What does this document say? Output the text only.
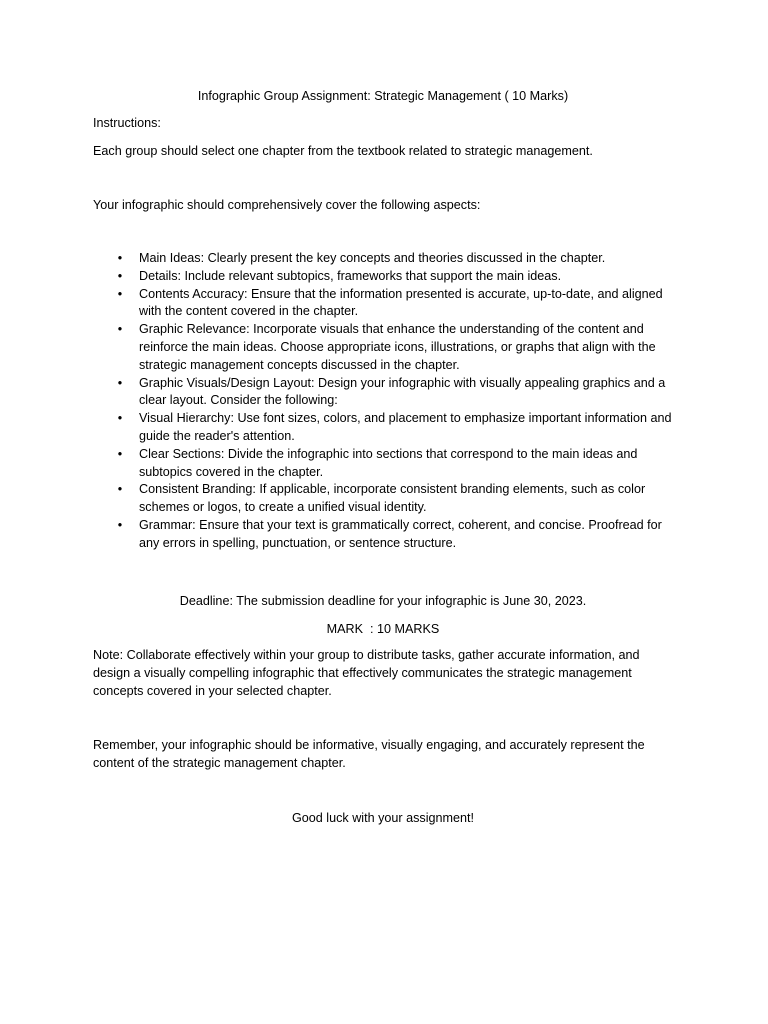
Infographic Group Assignment: Strategic Management ( 10 Marks)
Instructions:
Each group should select one chapter from the textbook related to strategic management.
Your infographic should comprehensively cover the following aspects:
• Main Ideas: Clearly present the key concepts and theories discussed in the chapter.
• Details: Include relevant subtopics, frameworks that support the main ideas.
• Contents Accuracy: Ensure that the information presented is accurate, up-to-date, and aligned with the content covered in the chapter.
• Graphic Relevance: Incorporate visuals that enhance the understanding of the content and reinforce the main ideas. Choose appropriate icons, illustrations, or graphs that align with the strategic management concepts discussed in the chapter.
• Graphic Visuals/Design Layout: Design your infographic with visually appealing graphics and a clear layout. Consider the following:
• Visual Hierarchy: Use font sizes, colors, and placement to emphasize important information and guide the reader's attention.
• Clear Sections: Divide the infographic into sections that correspond to the main ideas and subtopics covered in the chapter.
• Consistent Branding: If applicable, incorporate consistent branding elements, such as color schemes or logos, to create a unified visual identity.
• Grammar: Ensure that your text is grammatically correct, coherent, and concise. Proofread for any errors in spelling, punctuation, or sentence structure.
Deadline: The submission deadline for your infographic is June 30, 2023.
MARK  : 10 MARKS
Note: Collaborate effectively within your group to distribute tasks, gather accurate information, and design a visually compelling infographic that effectively communicates the strategic management concepts covered in your selected chapter.
Remember, your infographic should be informative, visually engaging, and accurately represent the content of the strategic management chapter.
Good luck with your assignment!
